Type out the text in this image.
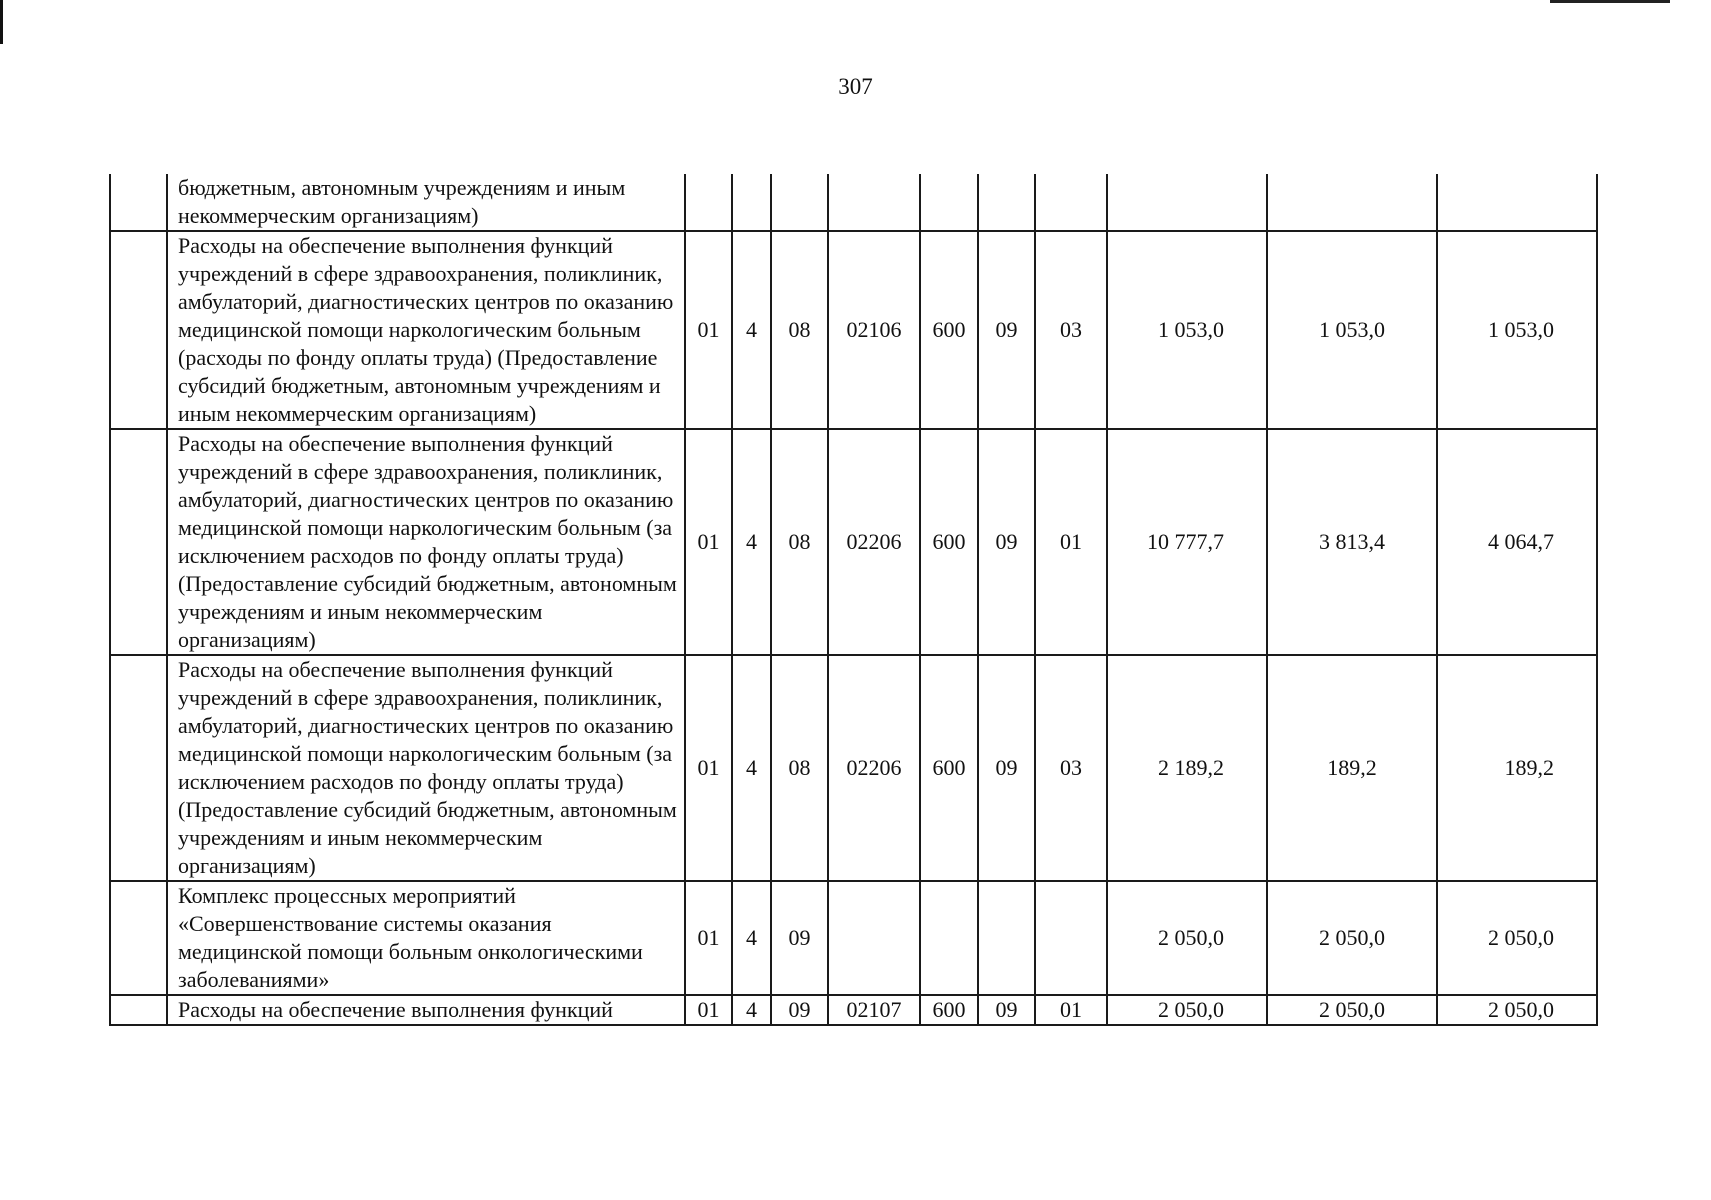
307
	бюджетным, автономным учреждениям и иным некоммерческим организациям)										
	Расходы на обеспечение выполнения функций учреждений в сфере здравоохранения, поликлиник, амбулаторий, диагностических центров по оказанию медицинской помощи наркологическим больным (расходы по фонду оплаты труда) (Предоставление субсидий бюджетным, автономным учреждениям и иным некоммерческим организациям)	01	4	08	02106	600	09	03	1 053,0	1 053,0	1 053,0
	Расходы на обеспечение выполнения функций учреждений в сфере здравоохранения, поликлиник, амбулаторий, диагностических центров по оказанию медицинской помощи наркологическим больным (за исключением расходов по фонду оплаты труда) (Предоставление субсидий бюджетным, автономным учреждениям и иным некоммерческим организациям)	01	4	08	02206	600	09	01	10 777,7	3 813,4	4 064,7
	Расходы на обеспечение выполнения функций учреждений в сфере здравоохранения, поликлиник, амбулаторий, диагностических центров по оказанию медицинской помощи наркологическим больным (за исключением расходов по фонду оплаты труда) (Предоставление субсидий бюджетным, автономным учреждениям и иным некоммерческим организациям)	01	4	08	02206	600	09	03	2 189,2	189,2	189,2
	Комплекс процессных мероприятий «Совершенствование системы оказания медицинской помощи больным онкологическими заболеваниями»	01	4	09					2 050,0	2 050,0	2 050,0
	Расходы на обеспечение выполнения функций	01	4	09	02107	600	09	01	2 050,0	2 050,0	2 050,0
